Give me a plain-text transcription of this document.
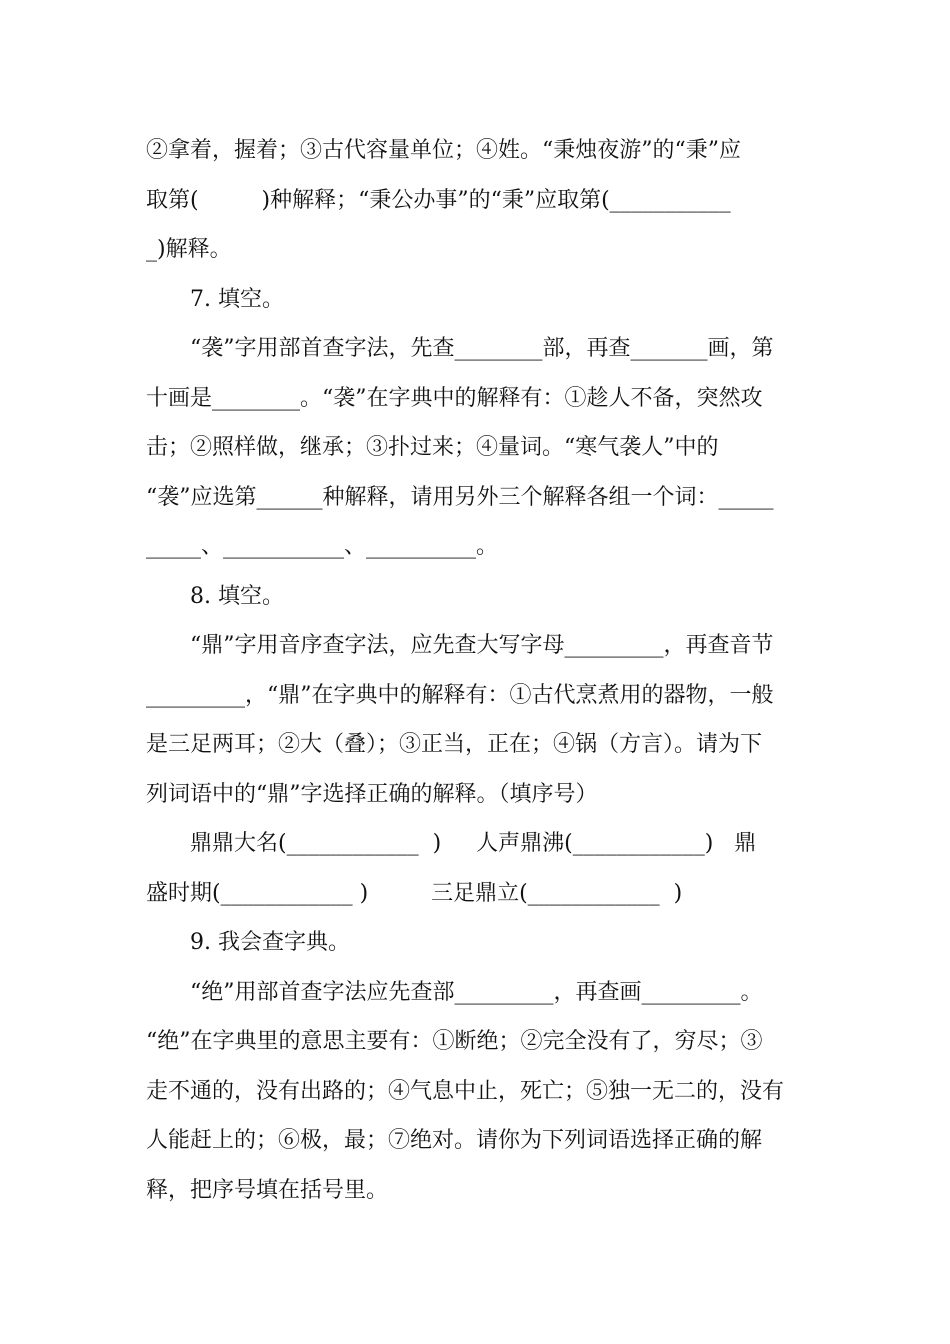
②拿着，握着；③古代容量单位；④姓。“秉烛夜游”的“秉”应

取第(         )种解释；“秉公办事”的“秉”应取第(___________

_)解释。

7. 填空。

“袭”字用部首查字法，先查________部，再查_______画，第

十画是________。“袭”在字典中的解释有：①趁人不备，突然攻

击；②照样做，继承；③扑过来；④量词。“寒气袭人”中的

“袭”应选第______种解释，请用另外三个解释各组一个词：_____

_____、___________、__________。

8. 填空。

“鼎”字用音序查字法，应先查大写字母_________，再查音节

_________，“鼎”在字典中的解释有：①古代烹煮用的器物，一般

是三足两耳；②大（叠）；③正当，正在；④锅（方言）。请为下

列词语中的“鼎”字选择正确的解释。（填序号）

鼎鼎大名(____________  )     人声鼎沸(____________)   鼎

盛时期(____________ )         三足鼎立(____________  )

9. 我会查字典。

“绝”用部首查字法应先查部_________，再查画_________。

“绝”在字典里的意思主要有：①断绝；②完全没有了，穷尽；③

走不通的，没有出路的；④气息中止，死亡；⑤独一无二的，没有

人能赶上的；⑥极，最；⑦绝对。请你为下列词语选择正确的解

释，把序号填在括号里。
